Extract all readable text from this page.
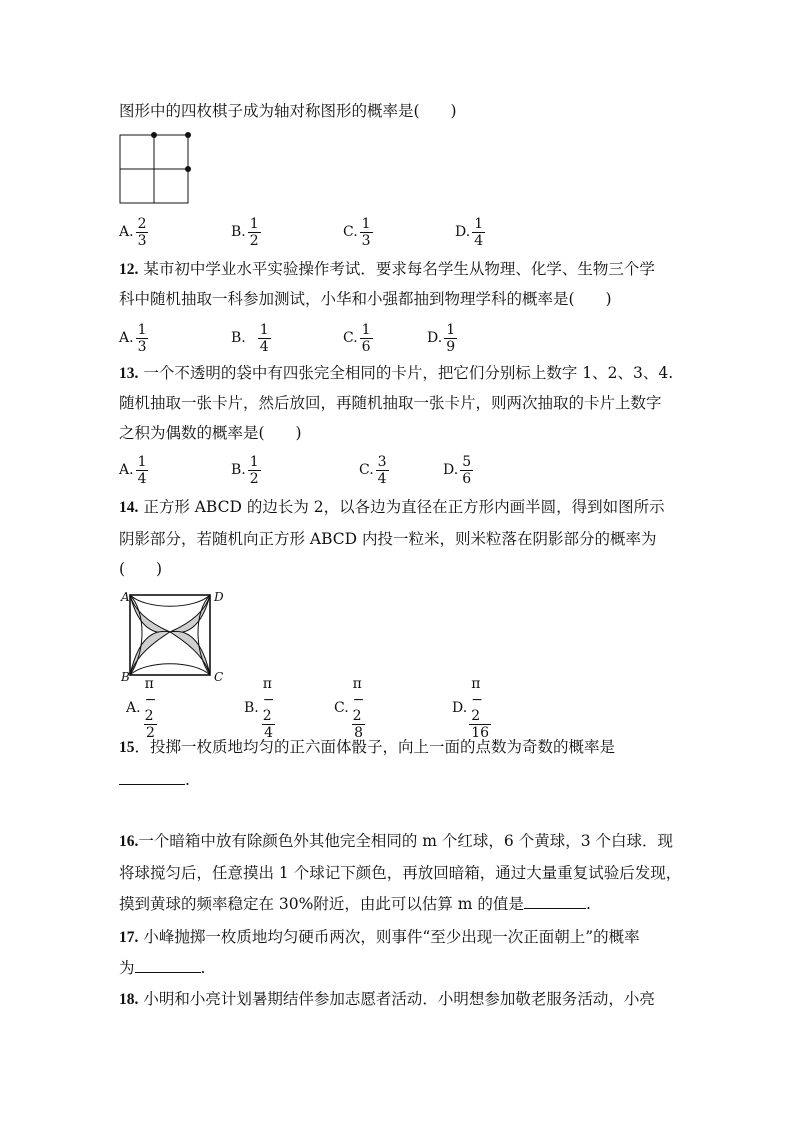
图形中的四枚棋子成为轴对称图形的概率是(　　)
A. $\frac{2}{3}$	B. $\frac{1}{2}$	C. $\frac{1}{3}$	D. $\frac{1}{4}$
12. 某市初中学业水平实验操作考试．要求每名学生从物理、化学、生物三个学
科中随机抽取一科参加测试，小华和小强都抽到物理学科的概率是(　　)
A. $\frac{1}{3}$	B. $\frac{1}{4}$	C. $\frac{1}{6}$	D. $\frac{1}{9}$
13. 一个不透明的袋中有四张完全相同的卡片，把它们分别标上数字 1、2、3、4.
随机抽取一张卡片，然后放回，再随机抽取一张卡片，则两次抽取的卡片上数字
之积为偶数的概率是(　　)
A. $\frac{1}{4}$	B. $\frac{1}{2}$	C. $\frac{3}{4}$	D. $\frac{5}{6}$
14. 正方形 ABCD 的边长为 2，以各边为直径在正方形内画半圆，得到如图所示
阴影部分，若随机向正方形 ABCD 内投一粒米，则米粒落在阴影部分的概率为
(　　)
A	D
B	C
A. $\frac{\pi - 2}{2}$	B. $\frac{\pi - 2}{4}$	C. $\frac{\pi - 2}{8}$	D. $\frac{\pi - 2}{16}$
15．投掷一枚质地均匀的正六面体骰子，向上一面的点数为奇数的概率是
.
16.一个暗箱中放有除颜色外其他完全相同的 m 个红球，6 个黄球，3 个白球．现
将球搅匀后，任意摸出 1 个球记下颜色，再放回暗箱，通过大量重复试验后发现，
摸到黄球的频率稳定在 30%附近，由此可以估算 m 的值是	.
17. 小峰抛掷一枚质地均匀硬币两次，则事件“至少出现一次正面朝上”的概率
为	.
18. 小明和小亮计划暑期结伴参加志愿者活动．小明想参加敬老服务活动，小亮
